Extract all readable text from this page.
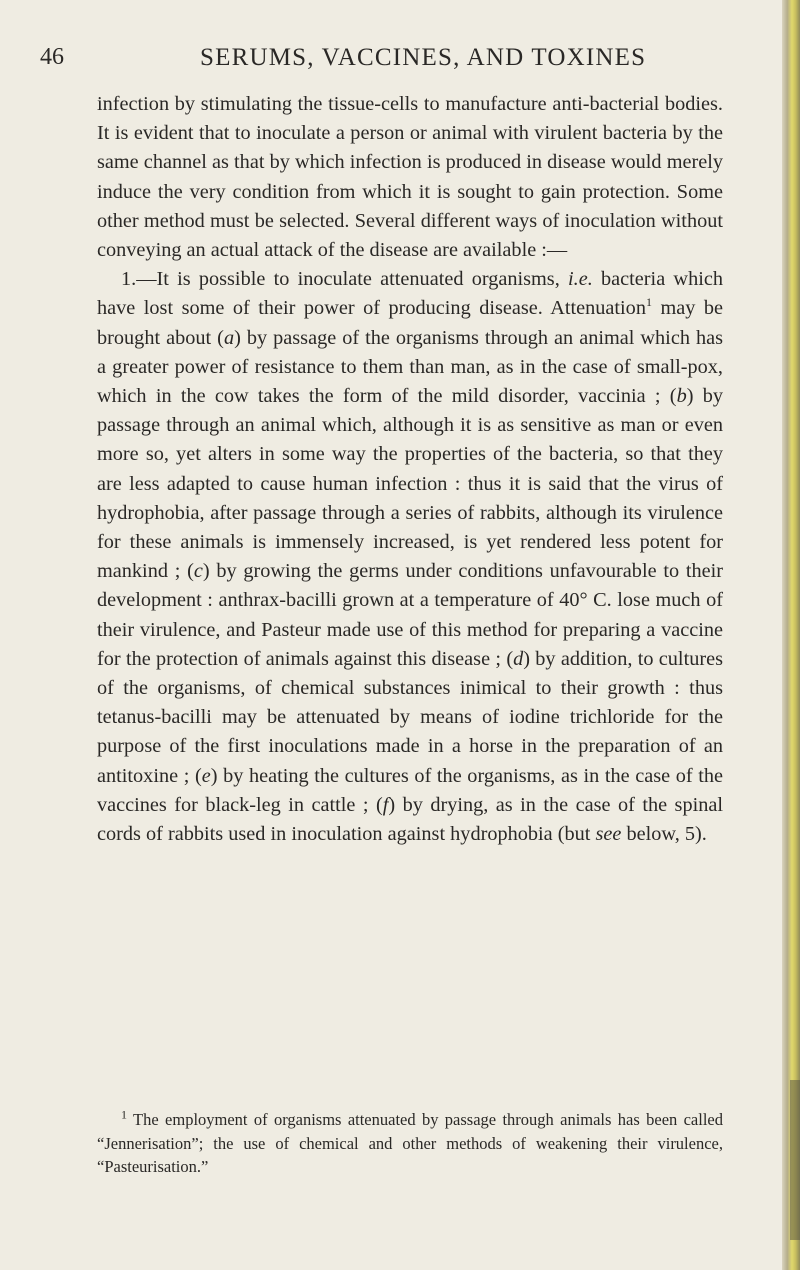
46	SERUMS, VACCINES, AND TOXINES

infection by stimulating the tissue-cells to manufacture anti-bacterial bodies. It is evident that to inoculate a person or animal with virulent bacteria by the same channel as that by which infection is produced in disease would merely induce the very condition from which it is sought to gain protection. Some other method must be selected. Several different ways of inoculation without conveying an actual attack of the disease are available :—

1.—It is possible to inoculate attenuated organisms, i.e. bacteria which have lost some of their power of producing disease. Attenuation$^1$ may be brought about (a) by passage of the organisms through an animal which has a greater power of resistance to them than man, as in the case of small-pox, which in the cow takes the form of the mild disorder, vaccinia ; (b) by passage through an animal which, although it is as sensitive as man or even more so, yet alters in some way the properties of the bacteria, so that they are less adapted to cause human infection : thus it is said that the virus of hydrophobia, after passage through a series of rabbits, although its virulence for these animals is immensely increased, is yet rendered less potent for mankind ; (c) by growing the germs under conditions unfavourable to their development : anthrax-bacilli grown at a temperature of 40° C. lose much of their virulence, and Pasteur made use of this method for preparing a vaccine for the protection of animals against this disease ; (d) by addition, to cultures of the organisms, of chemical substances inimical to their growth : thus tetanus-bacilli may be attenuated by means of iodine trichloride for the purpose of the first inoculations made in a horse in the preparation of an antitoxine ; (e) by heating the cultures of the organisms, as in the case of the vaccines for black-leg in cattle ; (f) by drying, as in the case of the spinal cords of rabbits used in inoculation against hydrophobia (but see below, 5).

$^1$ The employment of organisms attenuated by passage through animals has been called “Jennerisation”; the use of chemical and other methods of weakening their virulence, “Pasteurisation.”
